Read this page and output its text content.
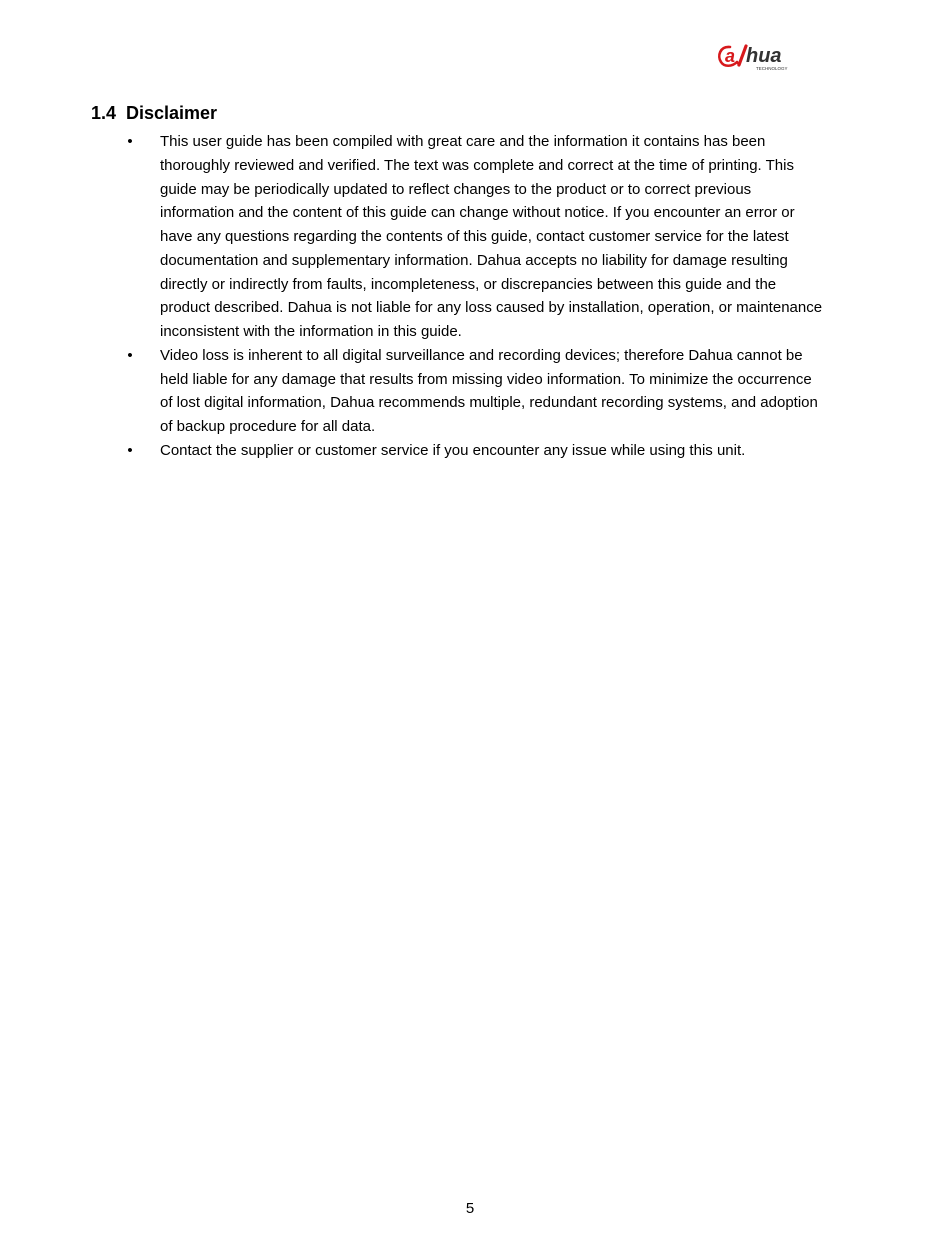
a hua
TECHNOLOGY
1.4 Disclaimer
• This user guide has been compiled with great care and the information it contains has been thoroughly reviewed and verified. The text was complete and correct at the time of printing. This guide may be periodically updated to reflect changes to the product or to correct previous information and the content of this guide can change without notice. If you encounter an error or have any questions regarding the contents of this guide, contact customer service for the latest documentation and supplementary information. Dahua accepts no liability for damage resulting directly or indirectly from faults, incompleteness, or discrepancies between this guide and the product described. Dahua is not liable for any loss caused by installation, operation, or maintenance inconsistent with the information in this guide.
• Video loss is inherent to all digital surveillance and recording devices; therefore Dahua cannot be held liable for any damage that results from missing video information. To minimize the occurrence of lost digital information, Dahua recommends multiple, redundant recording systems, and adoption of backup procedure for all data.
• Contact the supplier or customer service if you encounter any issue while using this unit.
5
